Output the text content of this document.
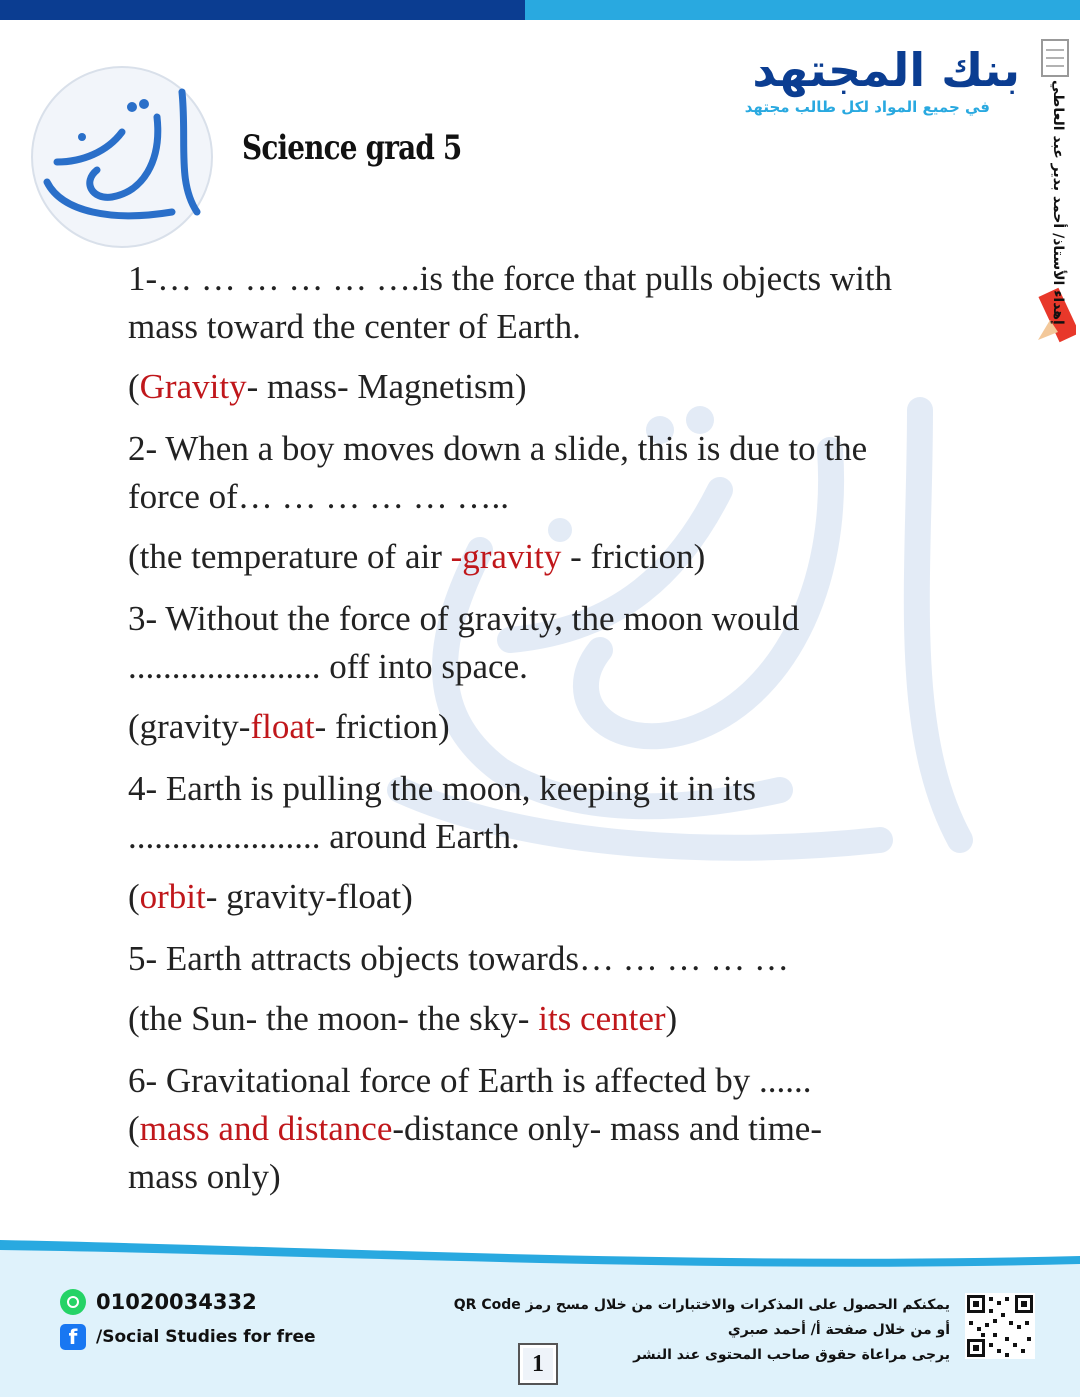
Science grad 5
بنك المجتهد
في جميع المواد لكل طالب مجتهد	إهداء الأستاذ/ أحمد بدير عبد العاطي
1-… … … … … ….is the force that pulls objects with
mass toward the center of Earth.
(Gravity- mass- Magnetism)
2- When a boy moves down a slide, this is due to the
force of… … … … … …..
(the temperature of air -gravity - friction)
3- Without the force of gravity, the moon would
...................... off into space.
(gravity-float- friction)
4- Earth is pulling the moon, keeping it in its
...................... around Earth.
(orbit- gravity-float)
5- Earth attracts objects towards… … … … …
(the Sun- the moon- the sky- its center)
6- Gravitational force of Earth is affected by ......
(mass and distance-distance only- mass and time-
mass only)
01020034332
f	/Social Studies for free
يمكنكم الحصول على المذكرات والاختبارات من خلال مسح رمز QR Code
أو من خلال صفحة أ/ أحمد صبري
يرجى مراعاة حقوق صاحب المحتوى عند النشر
1
